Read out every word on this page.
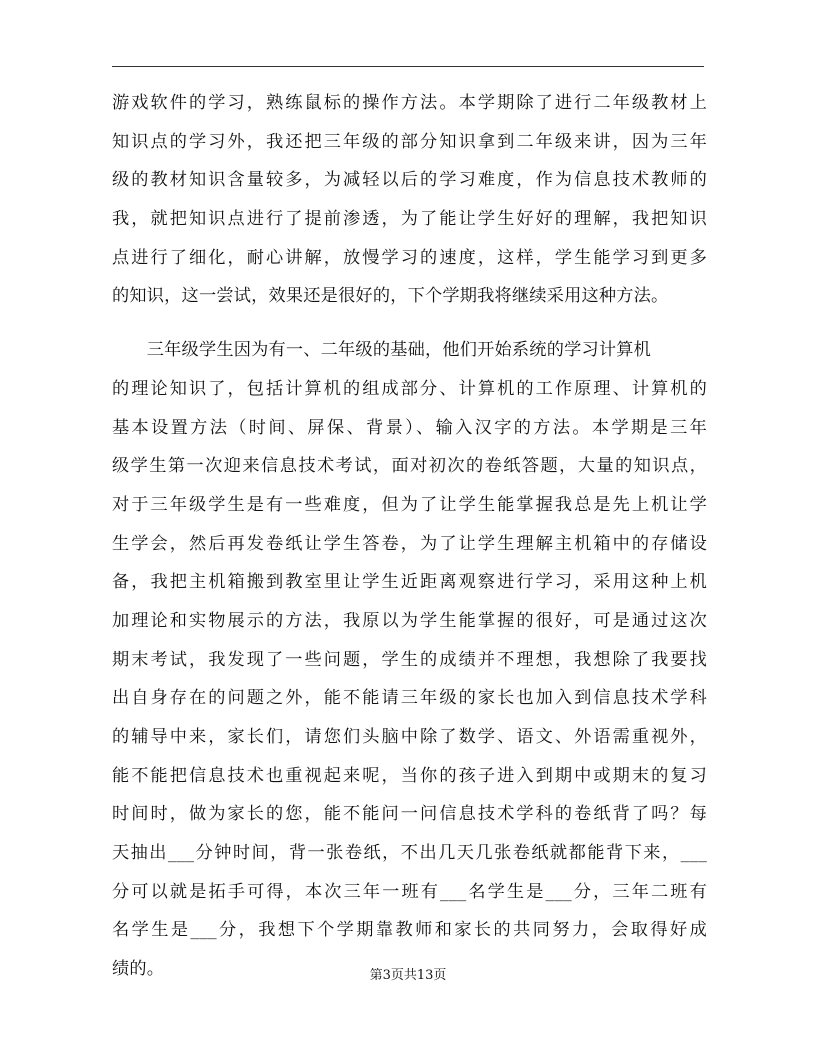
游戏软件的学习，熟练鼠标的操作方法。本学期除了进行二年级教材上
知识点的学习外，我还把三年级的部分知识拿到二年级来讲，因为三年
级的教材知识含量较多，为减轻以后的学习难度，作为信息技术教师的
我，就把知识点进行了提前渗透，为了能让学生好好的理解，我把知识
点进行了细化，耐心讲解，放慢学习的速度，这样，学生能学习到更多
的知识，这一尝试，效果还是很好的，下个学期我将继续采用这种方法。
　　三年级学生因为有一、二年级的基础，他们开始系统的学习计算机
的理论知识了，包括计算机的组成部分、计算机的工作原理、计算机的
基本设置方法（时间、屏保、背景）、输入汉字的方法。本学期是三年
级学生第一次迎来信息技术考试，面对初次的卷纸答题，大量的知识点，
对于三年级学生是有一些难度，但为了让学生能掌握我总是先上机让学
生学会，然后再发卷纸让学生答卷，为了让学生理解主机箱中的存储设
备，我把主机箱搬到教室里让学生近距离观察进行学习，采用这种上机
加理论和实物展示的方法，我原以为学生能掌握的很好，可是通过这次
期末考试，我发现了一些问题，学生的成绩并不理想，我想除了我要找
出自身存在的问题之外，能不能请三年级的家长也加入到信息技术学科
的辅导中来，家长们，请您们头脑中除了数学、语文、外语需重视外，
能不能把信息技术也重视起来呢，当你的孩子进入到期中或期末的复习
时间时，做为家长的您，能不能问一问信息技术学科的卷纸背了吗？每
天抽出___分钟时间，背一张卷纸，不出几天几张卷纸就都能背下来，___
分可以就是拓手可得，本次三年一班有___名学生是___分，三年二班有
名学生是___分，我想下个学期靠教师和家长的共同努力，会取得好成
绩的。	第3页共13页
